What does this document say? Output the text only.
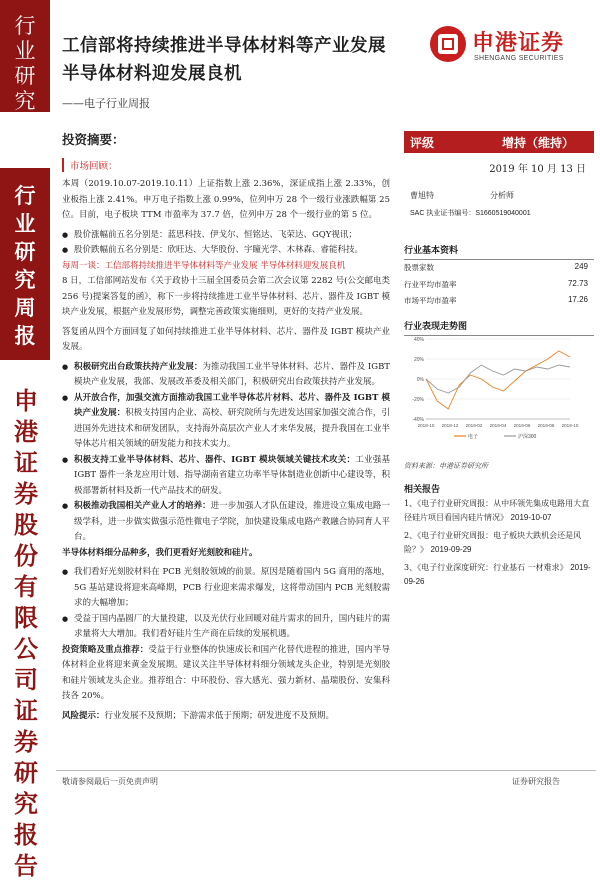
行
业
研
究
行
业
研
究
周
报
申
港
证
券
股
份
有
限
公
司
证
券
研
究
报
告
工信部将持续推进半导体材料等产业发展 半导体材料迎发展良机
——电子行业周报
申港证券
SHENGANG SECURITIES
投资摘要：
市场回顾：

本周（2019.10.07-2019.10.11）上证指数上涨 2.36%，深证成指上涨 2.33%，创业板指上涨 2.41%。申万电子指数上涨 0.99%，位列申万 28 个一级行业涨跌幅第 25 位。目前，电子板块 TTM 市盈率为 37.7 倍，位列申万 28 个一级行业的第 5 位。

● 股价涨幅前五名分别是：蓝思科技、伊戈尔、恒铭达、飞荣达、GQY视讯；
● 股价跌幅前五名分别是：欣旺达、大华股份、宇瞳光学、木林森、睿能科技。
每周一谈：工信部将持续推进半导体材料等产业发展 半导体材料迎发展良机

8 日，工信部网站发布《关于政协十三届全国委员会第二次会议第 2282 号(公交邮电类 256 号)提案答复的函》，称下一步将持续推进工业半导体材料、芯片、器件及 IGBT 模块产业发展，根据产业发展形势，调整完善政策实施细则，更好的支持产业发展。

答复函从四个方面回复了如何持续推进工业半导体材料、芯片、器件及 IGBT 模块产业发展。

● 积极研究出台政策扶持产业发展：为推动我国工业半导体材料、芯片、器件及 IGBT 模块产业发展，我部、发展改革委及相关部门，积极研究出台政策扶持产业发展。
● 从开放合作，加强交流方面推动我国工业半导体芯片材料、芯片、器件及 IGBT 模块产业发展：积极支持国内企业、高校、研究院所与先进发达国家加强交流合作，引进国外先进技术和研发团队，支持海外高层次产业人才来华发展，提升我国在工业半导体芯片相关领域的研发能力和技术实力。
● 积极支持工业半导体材料、芯片、器件、IGBT 模块领域关键技术攻关：工业强基 IGBT 器件一条龙应用计划、指导湖南省建立功率半导体制造业创新中心建设等，积极部署新材料及新一代产品技术的研发。
● 积极推动我国相关产业人才的培养：进一步加强人才队伍建设，推进设立集成电路一级学科，进一步做实做强示范性微电子学院，加快建设集成电路产教融合协同育人平台。

半导体材料细分品种多，我们更看好光刻胶和硅片。

● 我们看好光刻胶材料在 PCB 光刻胶领域的前景。原因是随着国内 5G 商用的落地，5G 基站建设将迎来高峰期，PCB 行业迎来需求爆发，这将带动国内 PCB 光刻胶需求的大幅增加；
● 受益于国内晶圆厂的大量投建，以及光伏行业回暖对硅片需求的回升，国内硅片的需求量将大大增加。我们看好硅片生产商在后续的发展机遇。

投资策略及重点推荐：受益于行业整体的快速成长和国产化替代进程的推进，国内半导体材料企业将迎来黄金发展期。建议关注半导体材料细分领域龙头企业，特别是光刻胶和硅片领域龙头企业。推荐组合：中环股份、容大感光、强力新材、晶瑞股份、安集科技各 20%。

风险提示：行业发展不及预期；下游需求低于预期；研发进度不及预期。

评级	增持（维持）
2019 年 10 月 13 日
曹旭特	分析师
SAC 执业证书编号：S1660519040001
行业基本资料
股票家数	249
行业平均市盈率	72.73
市场平均市盈率	17.26
行业表现走势图
40%
20%
0%
-20%
-40%
2018-10 2018-12 2019-02 2019-04 2019-06 2019-08 2019-10
电子	沪深300
资料来源：申港证券研究所
相关报告
1、《电子行业研究周报：从中环领先集成电路用大直径硅片项目看国内硅片情况》 2019-10-07
2、《电子行业研究周报：电子板块大跌机会还是风险？》 2019-09-29
3、《电子行业深度研究：行业基石 一材难求》 2019-09-26
敬请参阅最后一页免责声明	证券研究报告
